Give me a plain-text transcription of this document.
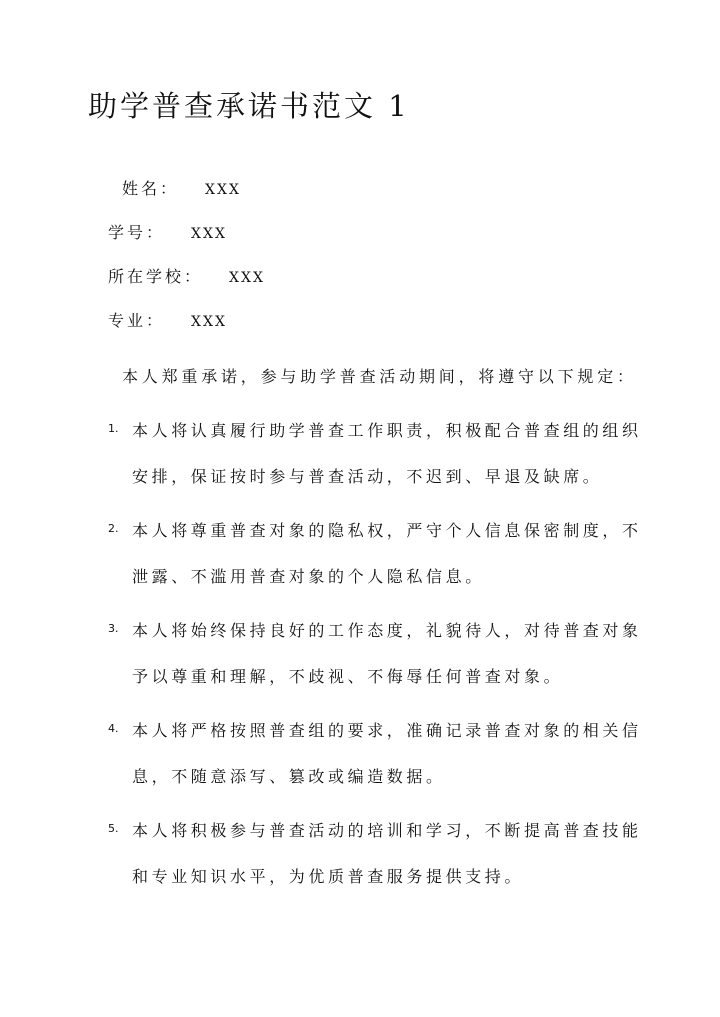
助学普查承诺书范文 1
姓名： XXX
学号： XXX
所在学校： XXX
专业： XXX
本人郑重承诺，参与助学普查活动期间，将遵守以下规定：
1. 本人将认真履行助学普查工作职责，积极配合普查组的组织
安排，保证按时参与普查活动，不迟到、早退及缺席。
2. 本人将尊重普查对象的隐私权，严守个人信息保密制度，不
泄露、不滥用普查对象的个人隐私信息。
3. 本人将始终保持良好的工作态度，礼貌待人，对待普查对象
予以尊重和理解，不歧视、不侮辱任何普查对象。
4. 本人将严格按照普查组的要求，准确记录普查对象的相关信
息，不随意添写、篡改或编造数据。
5. 本人将积极参与普查活动的培训和学习，不断提高普查技能
和专业知识水平，为优质普查服务提供支持。
